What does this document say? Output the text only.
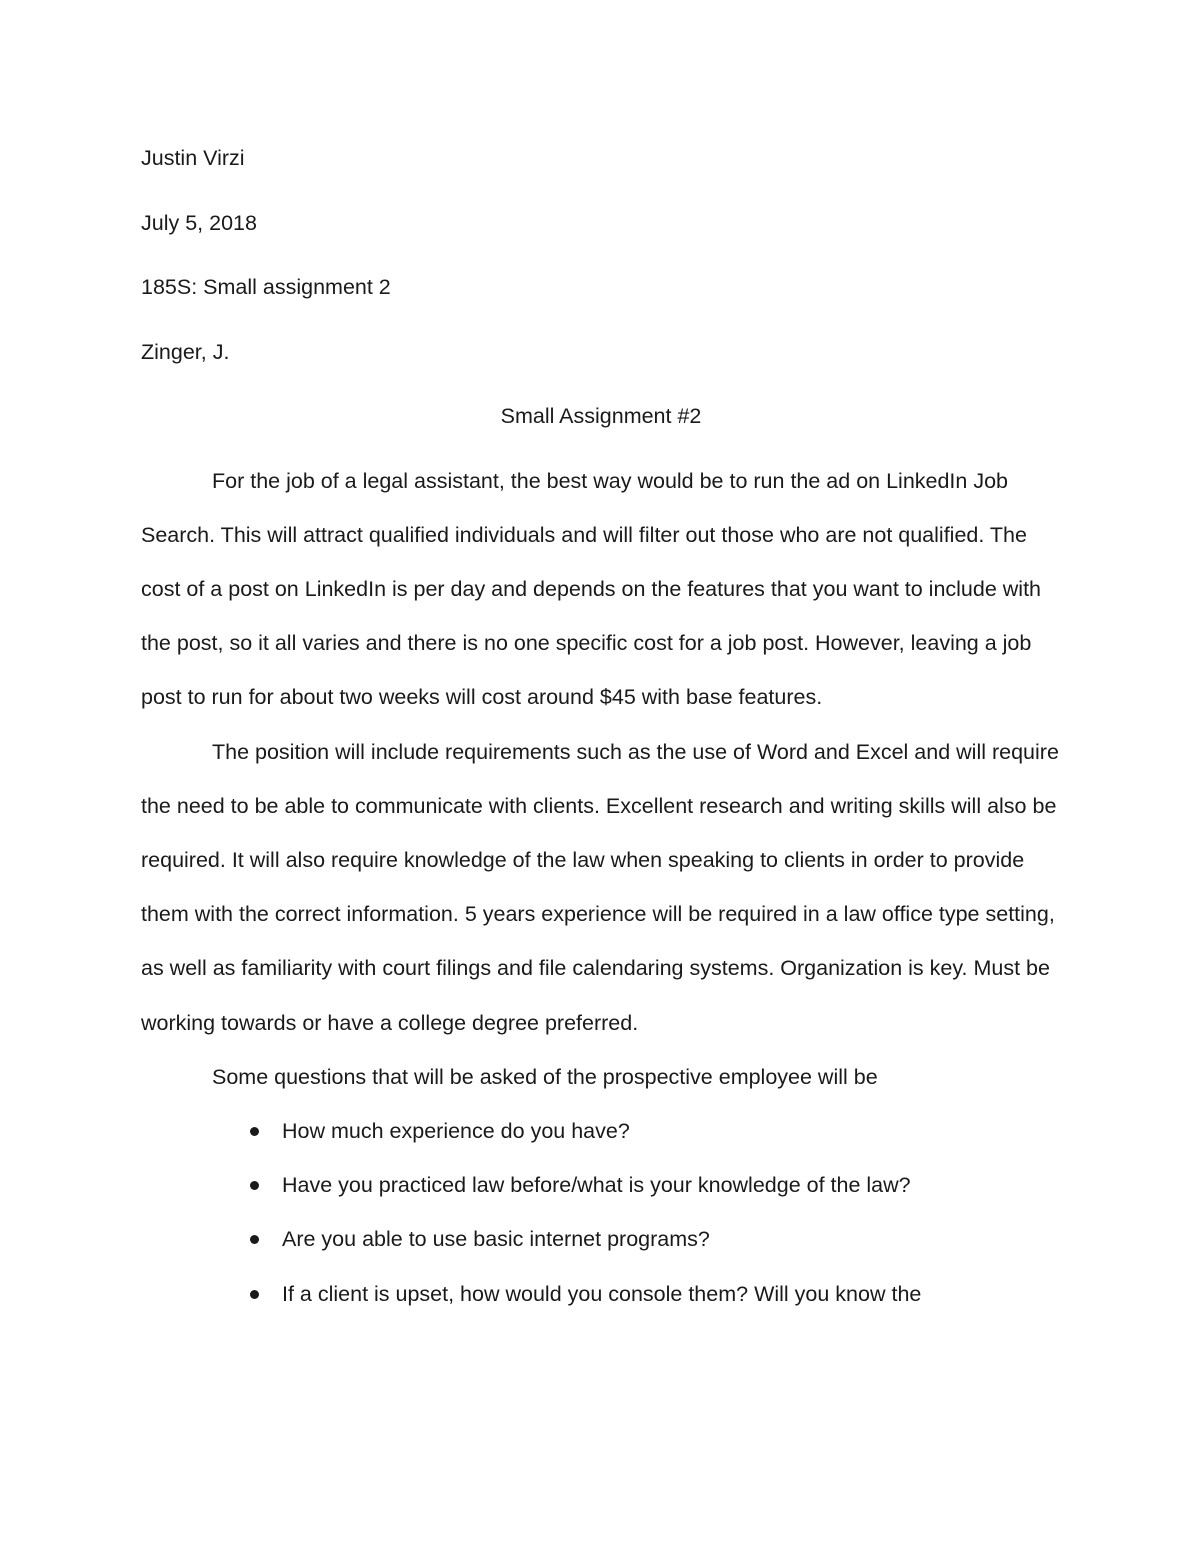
Justin Virzi

July 5, 2018

185S: Small assignment 2

Zinger, J.

Small Assignment #2

For the job of a legal assistant, the best way would be to run the ad on LinkedIn Job Search. This will attract qualified individuals and will filter out those who are not qualified. The cost of a post on LinkedIn is per day and depends on the features that you want to include with the post, so it all varies and there is no one specific cost for a job post. However, leaving a job post to run for about two weeks will cost around $45 with base features.

The position will include requirements such as the use of Word and Excel and will require the need to be able to communicate with clients. Excellent research and writing skills will also be required. It will also require knowledge of the law when speaking to clients in order to provide them with the correct information. 5 years experience will be required in a law office type setting, as well as familiarity with court filings and file calendaring systems. Organization is key. Must be working towards or have a college degree preferred.

Some questions that will be asked of the prospective employee will be

How much experience do you have?
Have you practiced law before/what is your knowledge of the law?
Are you able to use basic internet programs?
If a client is upset, how would you console them? Will you know the
